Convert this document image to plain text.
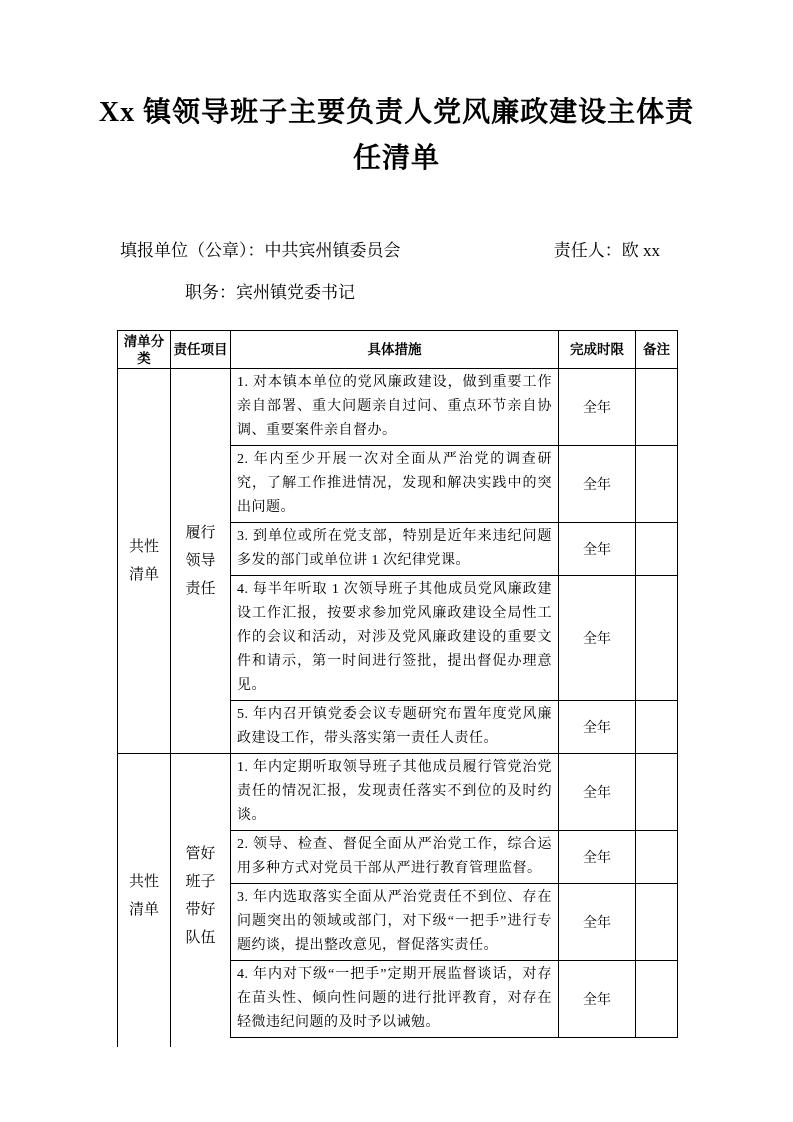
Xx 镇领导班子主要负责人党风廉政建设主体责
任清单
填报单位（公章）：中共宾州镇委员会	责任人：欧 xx
职务：宾州镇党委书记
清单分类	责任项目	具体措施	完成时限	备注
共性清单	履行领导责任	1. 对本镇本单位的党风廉政建设，做到重要工作亲自部署、重大问题亲自过问、重点环节亲自协调、重要案件亲自督办。	全年	
		2. 年内至少开展一次对全面从严治党的调查研究，了解工作推进情况，发现和解决实践中的突出问题。	全年	
		3. 到单位或所在党支部，特别是近年来违纪问题多发的部门或单位讲 1 次纪律党课。	全年	
		4. 每半年听取 1 次领导班子其他成员党风廉政建设工作汇报，按要求参加党风廉政建设全局性工作的会议和活动，对涉及党风廉政建设的重要文件和请示，第一时间进行签批，提出督促办理意见。	全年	
		5. 年内召开镇党委会议专题研究布置年度党风廉政建设工作，带头落实第一责任人责任。	全年	
共性清单	管好班子带好队伍	1. 年内定期听取领导班子其他成员履行管党治党责任的情况汇报，发现责任落实不到位的及时约谈。	全年	
		2. 领导、检查、督促全面从严治党工作，综合运用多种方式对党员干部从严进行教育管理监督。	全年	
		3. 年内选取落实全面从严治党责任不到位、存在问题突出的领域或部门，对下级“一把手”进行专题约谈，提出整改意见，督促落实责任。	全年	
		4. 年内对下级“一把手”定期开展监督谈话，对存在苗头性、倾向性问题的进行批评教育，对存在轻微违纪问题的及时予以诫勉。	全年	
